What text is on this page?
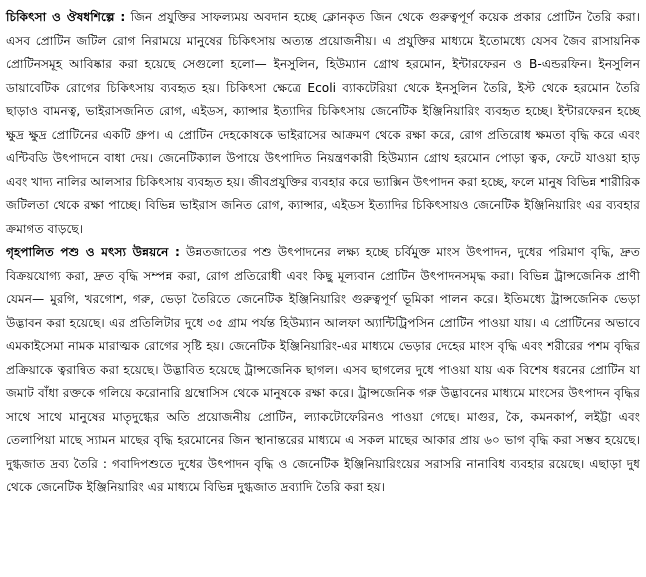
চিকিৎসা ও ঔষধশিল্পে : জিন প্রযুক্তির সাফল্যময় অবদান হচ্ছে ক্লোনকৃত জিন থেকে গুরুত্বপূর্ণ কয়েক প্রকার প্রোটিন তৈরি করা। এসব প্রোটিন জটিল রোগ নিরাময়ে মানুষের চিকিৎসায় অত্যন্ত প্রয়োজনীয়। এ প্রযুক্তির মাধ্যমে ইতোমধ্যে যেসব জৈব রাসায়নিক প্রোটিনসমূহ আবিষ্কার করা হয়েছে সেগুলো হলো— ইনসুলিন, হিউম্যান গ্রোথ হরমোন, ইন্টারফেরন ও B-এন্ডরফিন। ইনসুলিন ডায়াবেটিক রোগের চিকিৎসায় ব্যবহৃত হয়। চিকিৎসা ক্ষেত্রে Ecoli ব্যাকটেরিয়া থেকে ইনসুলিন তৈরি, ইস্ট থেকে হরমোন তৈরি ছাড়াও বামনত্ব, ভাইরাসজনিত রোগ, এইডস, ক্যান্সার ইত্যাদির চিকিৎসায় জেনেটিক ইঞ্জিনিয়ারিং ব্যবহৃত হচ্ছে। ইন্টারফেরন হচ্ছে ক্ষুদ্র ক্ষুদ্র প্রোটিনের একটি গ্রুপ। এ প্রোটিন দেহকোষকে ভাইরাসের আক্রমণ থেকে রক্ষা করে, রোগ প্রতিরোধ ক্ষমতা বৃদ্ধি করে এবং এন্টিবডি উৎপাদনে বাধা দেয়। জেনেটিক্যাল উপায়ে উৎপাদিত নিয়ন্ত্রণকারী হিউম্যান গ্রোথ হরমোন পোড়া ত্বক, ফেটে যাওয়া হাড় এবং খাদ্য নালির আলসার চিকিৎসায় ব্যবহৃত হয়। জীবপ্রযুক্তির ব্যবহার করে ভ্যাক্সিন উৎপাদন করা হচ্ছে, ফলে মানুষ বিভিন্ন শারীরিক জটিলতা থেকে রক্ষা পাচ্ছে। বিভিন্ন ভাইরাস জনিত রোগ, ক্যান্সার, এইডস ইত্যাদির চিকিৎসায়ও জেনেটিক ইঞ্জিনিয়ারিং এর ব্যবহার ক্রমাগত বাড়ছে।

গৃহপালিত পশু ও মৎস্য উন্নয়নে : উন্নতজাতের পশু উৎপাদনের লক্ষ্য হচ্ছে চর্বিমুক্ত মাংস উৎপাদন, দুধের পরিমাণ বৃদ্ধি, দ্রুত বিক্রয়যোগ্য করা, দ্রুত বৃদ্ধি সম্পন্ন করা, রোগ প্রতিরোধী এবং কিছু মূল্যবান প্রোটিন উৎপাদনসমৃদ্ধ করা। বিভিন্ন ট্রান্সজেনিক প্রাণী যেমন— মুরগি, খরগোশ, গরু, ভেড়া তৈরিতে জেনেটিক ইঞ্জিনিয়ারিং গুরুত্বপূর্ণ ভূমিকা পালন করে। ইতিমধ্যে ট্রান্সজেনিক ভেড়া উদ্ভাবন করা হয়েছে। এর প্রতিলিটার দুধে ৩৫ গ্রাম পর্যন্ত হিউম্যান আলফা অ্যান্টিট্রিপসিন প্রোটিন পাওয়া যায়। এ প্রোটিনের অভাবে এমকাইসেমা নামক মারাত্মক রোগের সৃষ্টি হয়। জেনেটিক ইঞ্জিনিয়ারিং-এর মাধ্যমে ভেড়ার দেহের মাংস বৃদ্ধি এবং শরীরের পশম বৃদ্ধির প্রক্রিয়াকে ত্বরান্বিত করা হয়েছে। উদ্ভাবিত হয়েছে ট্রান্সজেনিক ছাগল। এসব ছাগলের দুধে পাওয়া যায় এক বিশেষ ধরনের প্রোটিন যা জমাট বাঁধা রক্তকে গলিয়ে করোনারি থ্রম্বোসিস থেকে মানুষকে রক্ষা করে। ট্রান্সজেনিক গরু উদ্ভাবনের মাধ্যমে মাংসের উৎপাদন বৃদ্ধির সাথে সাথে মানুষের মাতৃদুগ্ধের অতি প্রয়োজনীয় প্রোটিন, ল্যাকটোফেরিনও পাওয়া গেছে। মাগুর, কৈ, কমনকার্প, লইট্টা এবং তেলাপিয়া মাছে স্যামন মাছের বৃদ্ধি হরমোনের জিন স্থানান্তরের মাধ্যমে এ সকল মাছের আকার প্রায় ৬০ ভাগ বৃদ্ধি করা সম্ভব হয়েছে। দুগ্ধজাত দ্রব্য তৈরি : গবাদিপশুতে দুধের উৎপাদন বৃদ্ধি ও জেনেটিক ইঞ্জিনিয়ারিংয়ের সরাসরি নানাবিধ ব্যবহার রয়েছে। এছাড়া দুধ থেকে জেনেটিক ইঞ্জিনিয়ারিং এর মাধ্যমে বিভিন্ন দুগ্ধজাত দ্রব্যাদি তৈরি করা হয়।
